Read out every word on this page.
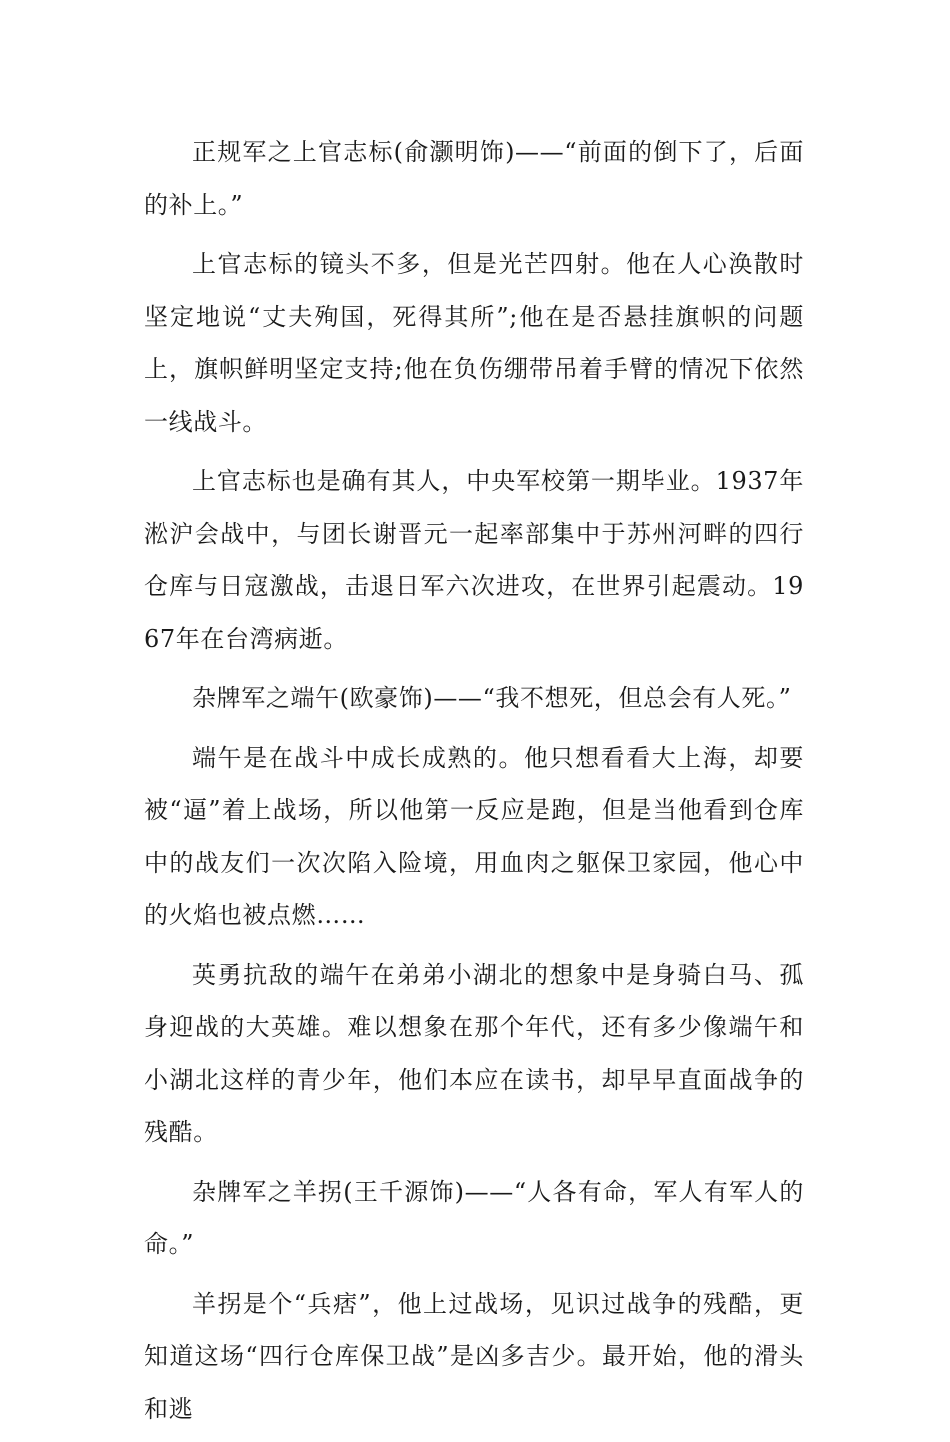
正规军之上官志标(俞灏明饰)——“前面的倒下了，后面的补上。”

上官志标的镜头不多，但是光芒四射。他在人心涣散时坚定地说“丈夫殉国，死得其所”;他在是否悬挂旗帜的问题上，旗帜鲜明坚定支持;他在负伤绷带吊着手臂的情况下依然一线战斗。

上官志标也是确有其人，中央军校第一期毕业。1937年淞沪会战中，与团长谢晋元一起率部集中于苏州河畔的四行仓库与日寇激战，击退日军六次进攻，在世界引起震动。1967年在台湾病逝。

杂牌军之端午(欧豪饰)——“我不想死，但总会有人死。”

端午是在战斗中成长成熟的。他只想看看大上海，却要被“逼”着上战场，所以他第一反应是跑，但是当他看到仓库中的战友们一次次陷入险境，用血肉之躯保卫家园，他心中的火焰也被点燃……

英勇抗敌的端午在弟弟小湖北的想象中是身骑白马、孤身迎战的大英雄。难以想象在那个年代，还有多少像端午和小湖北这样的青少年，他们本应在读书，却早早直面战争的残酷。

杂牌军之羊拐(王千源饰)——“人各有命，军人有军人的命。”

羊拐是个“兵痞”，他上过战场，见识过战争的残酷，更知道这场“四行仓库保卫战”是凶多吉少。最开始，他的滑头和逃
